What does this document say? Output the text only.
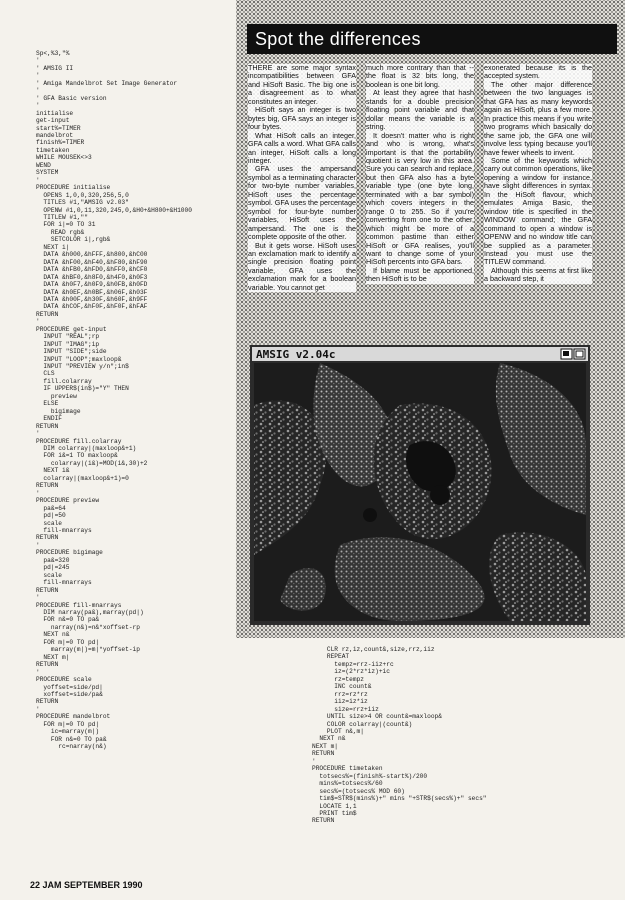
Sp<,%3,"%
'
' AMSIG II
'
' Amiga Mandelbrot Set Image Generator
'
' GFA Basic version
'
initialise
get-input
start%=TIMER
mandelbrot
finish%=TIMER
timetaken
WHILE MOUSEK<>3
WEND
SYSTEM
'
PROCEDURE initialise
OPENS 1,0,0,320,256,5,0
TITLES #1,"AMSIG v2.03"
OPENW #1,0,11,320,245,0,&H0+&H800+&H1000
TITLEW #1,""
FOR i|=0 TO 31
READ rgb&
SETCOLOR i|,rgb&
NEXT i|
DATA &h000,&hFFF,&h800,&hC00
DATA &hF00,&hF40,&hF80,&hF90
DATA &hFB0,&hFD0,&hFF0,&hCF0
DATA &hBF0,&h8F0,&h4F0,&h0F3
DATA &h0F7,&h0F9,&h0FB,&h0FD
DATA &h0EF,&h0BF,&h06F,&h03F
DATA &h00F,&h30F,&h60F,&h9FF
DATA &hCOF,&hF0F,&hF0F,&hFAF
RETURN
'
PROCEDURE get-input
INPUT "REAL";rp
INPUT "IMAG";ip
INPUT "SIDE";side
INPUT "LOOP";maxloop&
INPUT "PREVIEW y/n";in$
CLS
fill.colarray
IF UPPER$(in$)="Y" THEN
preview
ELSE
bigimage
ENDIF
RETURN
'
PROCEDURE fill.colarray
DIM colarray|(maxloop&+1)
FOR i&=1 TO maxloop&
colarray|(i&)=MOD(i&,30)+2
NEXT i&
colarray|(maxloop&+1)=0
RETURN
'
PROCEDURE preview
pa&=64
pd|=50
scale
fill-mnarrays
RETURN
'
PROCEDURE bigimage
pa&=320
pd|=245
scale
fill-mnarrays
RETURN
'
PROCEDURE fill-mnarrays
DIM narray(pa&),marray(pd|)
FOR n&=0 TO pa&
narray(n&)=n&*xoffset-rp
NEXT n&
FOR m|=0 TO pd|
marray(m|)=m|*yoffset-ip
NEXT m|
RETURN
'
PROCEDURE scale
yoffset=side/pd|
xoffset=side/pa&
RETURN
'
PROCEDURE mandelbrot
FOR m|=0 TO pd|
ic=marray(m|)
FOR n&=0 TO pa&
rc=narray(n&)
Spot the differences

THERE are some major syntax incompatibilities between GFA and HiSoft Basic. The big one is a disagreement as to what constitutes an integer.

HiSoft says an integer is two bytes big, GFA says an integer is four bytes.

What HiSoft calls an integer, GFA calls a word. What GFA calls an integer, HiSoft calls a long integer.

GFA uses the ampersand symbol as a terminating character for two-byte number variables, HiSoft uses the percentage symbol. GFA uses the percentage symbol for four-byte number variables, HiSoft uses the ampersand. The one is the complete opposite of the other.

But it gets worse. HiSoft uses an exclamation mark to identify a single precision floating point variable, GFA uses the exclamation mark for a boolean variable. You cannot get

much more contrary than that -- the float is 32 bits long, the boolean is one bit long.

At least they agree that hash stands for a double precision floating point variable and that dollar means the variable is a string.

It doesn't matter who is right and who is wrong, what's important is that the portability quotient is very low in this area. Sure you can search and replace, but then GFA also has a byte variable type (one byte long, terminated with a bar symbol) which covers integers in the range 0 to 255. So if you're converting from one to the other, which might be more of a common pastime than either HiSoft or GFA realises, you'll want to change some of your HiSoft percents into GFA bars.

If blame must be apportioned, then HiSoft is to be

exonerated because its is the accepted system.

The other major difference between the two languages is that GFA has as many keywords again as HiSoft, plus a few more. In practice this means if you write two programs which basically do the same job, the GFA one will involve less typing because you'll have fewer wheels to invent.

Some of the keywords which carry out common operations, like opening a window for instance, have slight differences in syntax. In the HiSoft flavour, which emulates Amiga Basic, the window title is specified in the WINDOW command; the GFA command to open a window is OPENW and no window title can be supplied as a parameter. Instead you must use the TITLEW command.

Although this seems at first like a backward step, it

AMSIG v2.04c
CLR rz,iz,count&,size,rrz,iiz
REPEAT
tempz=rrz-iiz+rc
iz=(2*rz*iz)+ic
rz=tempz
INC count&
rrz=rz*rz
iiz=iz*iz
size=rrz+iiz
UNTIL size>4 OR count&=maxloop&
COLOR colarray|(count&)
PLOT n&,m|
NEXT n&
NEXT m|
RETURN
'
PROCEDURE timetaken
totsecs%=(finish%-start%)/200
mins%=totsecs%/60
secs%=(totsecs% MOD 60)
tim$=STR$(mins%)+" mins "+STR$(secs%)+" secs"
LOCATE 1,1
PRINT tim$
RETURN
22 JAM SEPTEMBER 1990
